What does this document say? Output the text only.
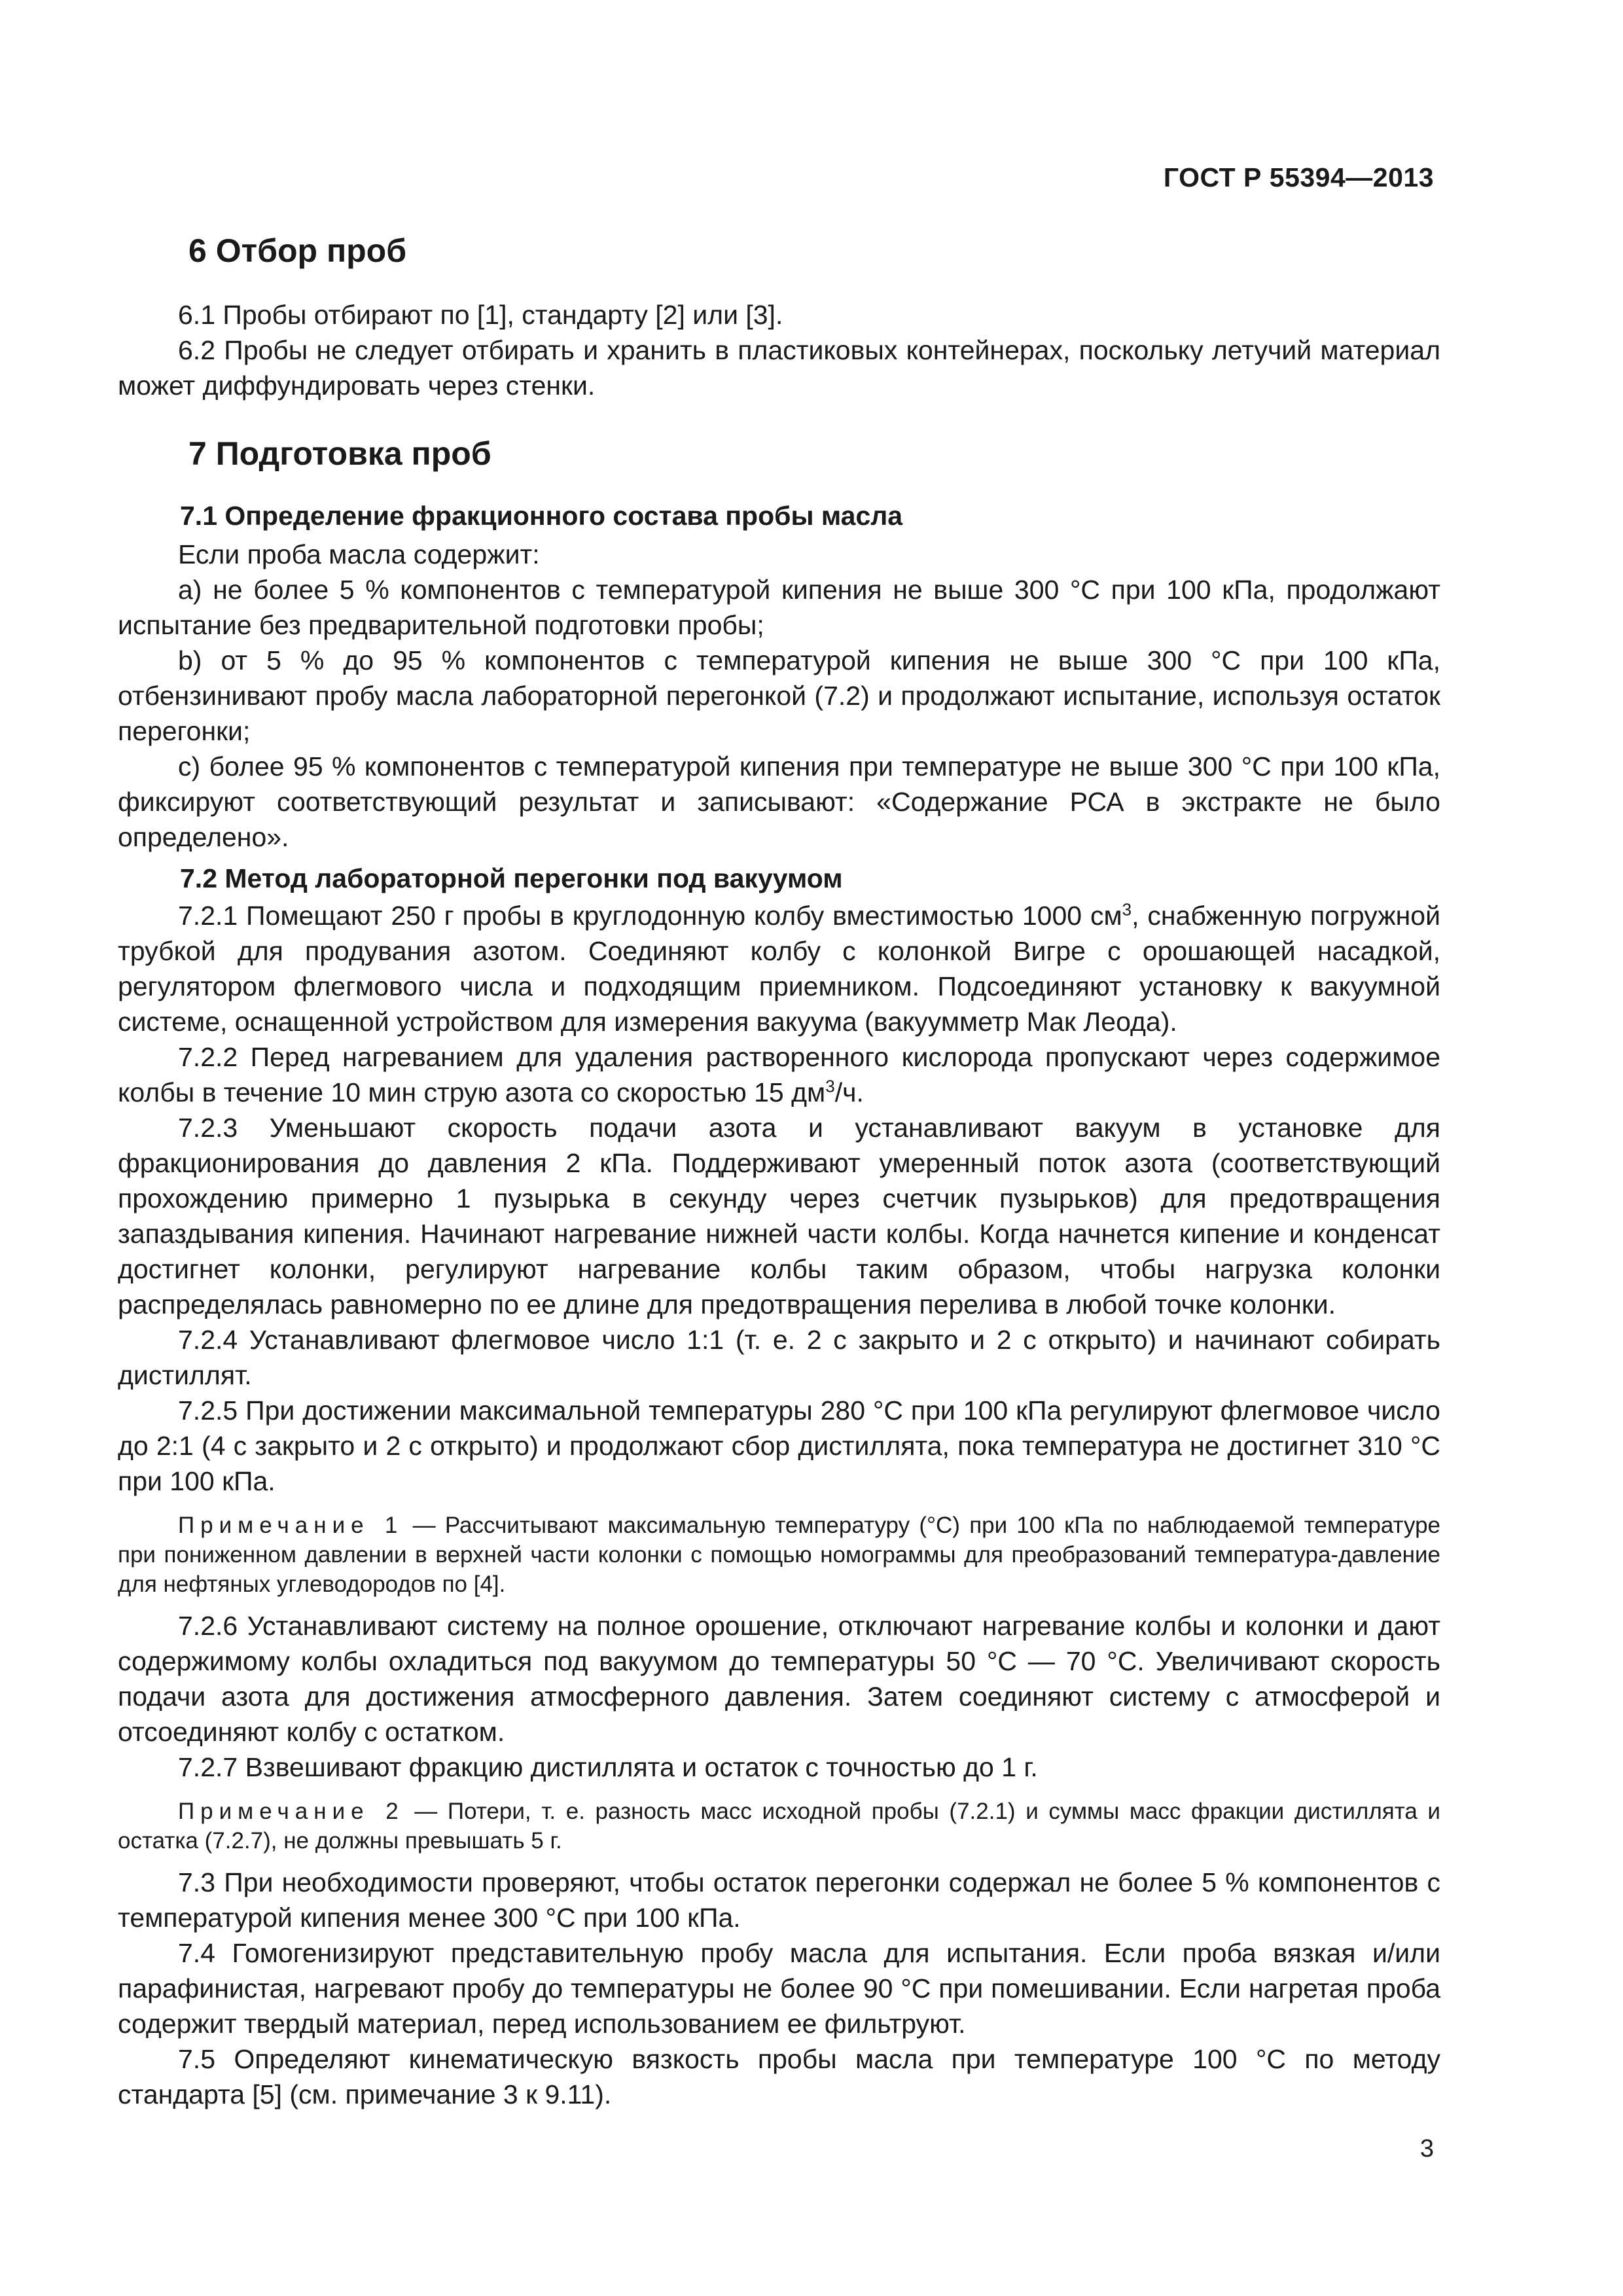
ГОСТ Р 55394—2013
6 Отбор проб

6.1 Пробы отбирают по [1], стандарту [2] или [3].

6.2 Пробы не следует отбирать и хранить в пластиковых контейнерах, поскольку летучий материал может диффундировать через стенки.

7 Подготовка проб
7.1 Определение фракционного состава пробы масла

Если проба масла содержит:

а) не более 5 % компонентов с температурой кипения не выше 300 °С при 100 кПа, продолжают испытание без предварительной подготовки пробы;

b) от 5 % до 95 % компонентов с температурой кипения не выше 300 °С при 100 кПа, отбензинивают пробу масла лабораторной перегонкой (7.2) и продолжают испытание, используя остаток перегонки;

с) более 95 % компонентов с температурой кипения при температуре не выше 300 °С при 100 кПа, фиксируют соответствующий результат и записывают: «Содержание РСА в экстракте не было определено».

7.2 Метод лабораторной перегонки под вакуумом

7.2.1 Помещают 250 г пробы в круглодонную колбу вместимостью 1000 $см^3$, снабженную погружной трубкой для продувания азотом. Соединяют колбу с колонкой Вигре с орошающей насадкой, регулятором флегмового числа и подходящим приемником. Подсоединяют установку к вакуумной системе, оснащенной устройством для измерения вакуума (вакуумметр Мак Леода).

7.2.2 Перед нагреванием для удаления растворенного кислорода пропускают через содержимое колбы в течение 10 мин струю азота со скоростью 15 $дм^3/ч$.

7.2.3 Уменьшают скорость подачи азота и устанавливают вакуум в установке для фракционирования до давления 2 кПа. Поддерживают умеренный поток азота (соответствующий прохождению примерно 1 пузырька в секунду через счетчик пузырьков) для предотвращения запаздывания кипения. Начинают нагревание нижней части колбы. Когда начнется кипение и конденсат достигнет колонки, регулируют нагревание колбы таким образом, чтобы нагрузка колонки распределялась равномерно по ее длине для предотвращения перелива в любой точке колонки.

7.2.4 Устанавливают флегмовое число 1:1 (т. е. 2 с закрыто и 2 с открыто) и начинают собирать дистиллят.

7.2.5 При достижении максимальной температуры 280 °С при 100 кПа регулируют флегмовое число до 2:1 (4 с закрыто и 2 с открыто) и продолжают сбор дистиллята, пока температура не достигнет 310 °С при 100 кПа.

Примечание 1 — Рассчитывают максимальную температуру (°С) при 100 кПа по наблюдаемой температуре при пониженном давлении в верхней части колонки с помощью номограммы для преобразований температура-давление для нефтяных углеводородов по [4].

7.2.6 Устанавливают систему на полное орошение, отключают нагревание колбы и колонки и дают содержимому колбы охладиться под вакуумом до температуры 50 °С — 70 °С. Увеличивают скорость подачи азота для достижения атмосферного давления. Затем соединяют систему с атмосферой и отсоединяют колбу с остатком.

7.2.7 Взвешивают фракцию дистиллята и остаток с точностью до 1 г.

Примечание 2 — Потери, т. е. разность масс исходной пробы (7.2.1) и суммы масс фракции дистиллята и остатка (7.2.7), не должны превышать 5 г.

7.3 При необходимости проверяют, чтобы остаток перегонки содержал не более 5 % компонентов с температурой кипения менее 300 °С при 100 кПа.

7.4 Гомогенизируют представительную пробу масла для испытания. Если проба вязкая и/или парафинистая, нагревают пробу до температуры не более 90 °С при помешивании. Если нагретая проба содержит твердый материал, перед использованием ее фильтруют.

7.5 Определяют кинематическую вязкость пробы масла при температуре 100 °С по методу стандарта [5] (см. примечание 3 к 9.11).

3
